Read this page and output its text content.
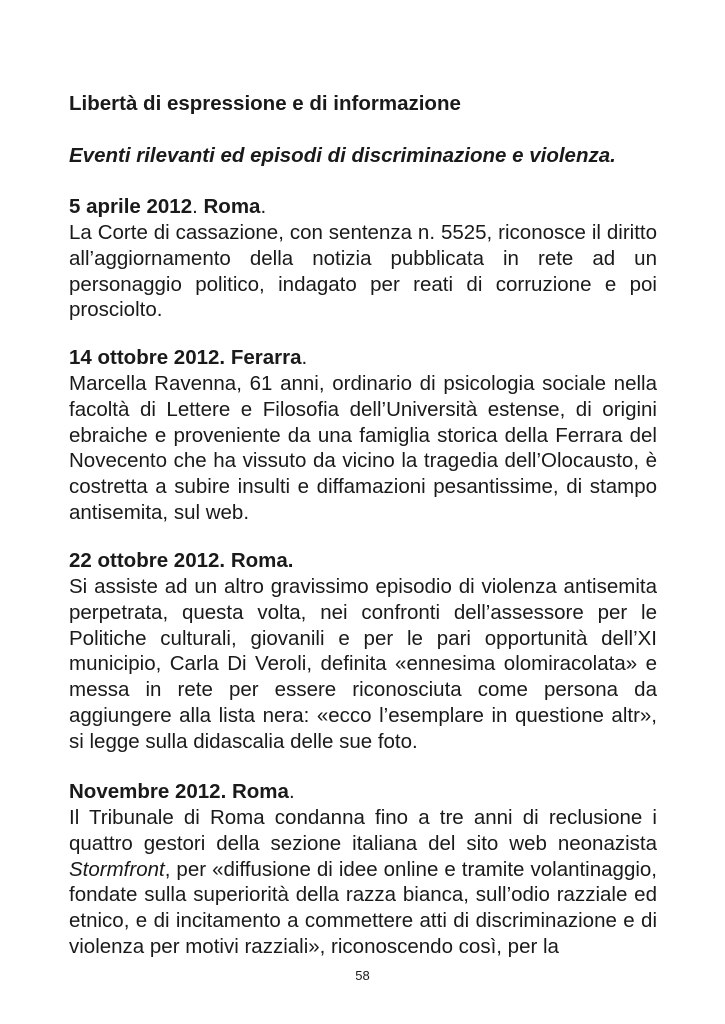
Libertà di espressione e di informazione
Eventi rilevanti ed episodi di discriminazione e violenza.
5 aprile 2012. Roma.
La Corte di cassazione, con sentenza n. 5525, riconosce il diritto all’aggiornamento della notizia pubblicata in rete ad un personaggio politico, indagato per reati di corruzione e poi prosciolto.
14 ottobre 2012. Ferarra.
Marcella Ravenna, 61 anni, ordinario di psicologia sociale nella facoltà di Lettere e Filosofia dell’Università estense, di origini ebraiche e proveniente da una famiglia storica della Ferrara del Novecento che ha vissuto da vicino la tragedia dell’Olocausto, è costretta a subire insulti e diffamazioni pesantissime, di stampo antisemita, sul web.
22 ottobre 2012. Roma.
Si assiste ad un altro gravissimo episodio di violenza antisemita perpetrata, questa volta, nei confronti dell’assessore per le Politiche culturali, giovanili e per le pari opportunità dell’XI municipio, Carla Di Veroli, definita «ennesima olomiracolata» e messa in rete per essere riconosciuta come persona da aggiungere alla lista nera: «ecco l’esemplare in questione altr», si legge sulla didascalia delle sue foto.
Novembre 2012. Roma.
Il Tribunale di Roma condanna fino a tre anni di reclusione i quattro gestori della sezione italiana del sito web neonazista Stormfront, per «diffusione di idee online e tramite volantinaggio, fondate sulla superiorità della razza bianca, sull’odio razziale ed etnico, e di incitamento a commettere atti di discriminazione e di violenza per motivi razziali», riconoscendo così, per la
58
